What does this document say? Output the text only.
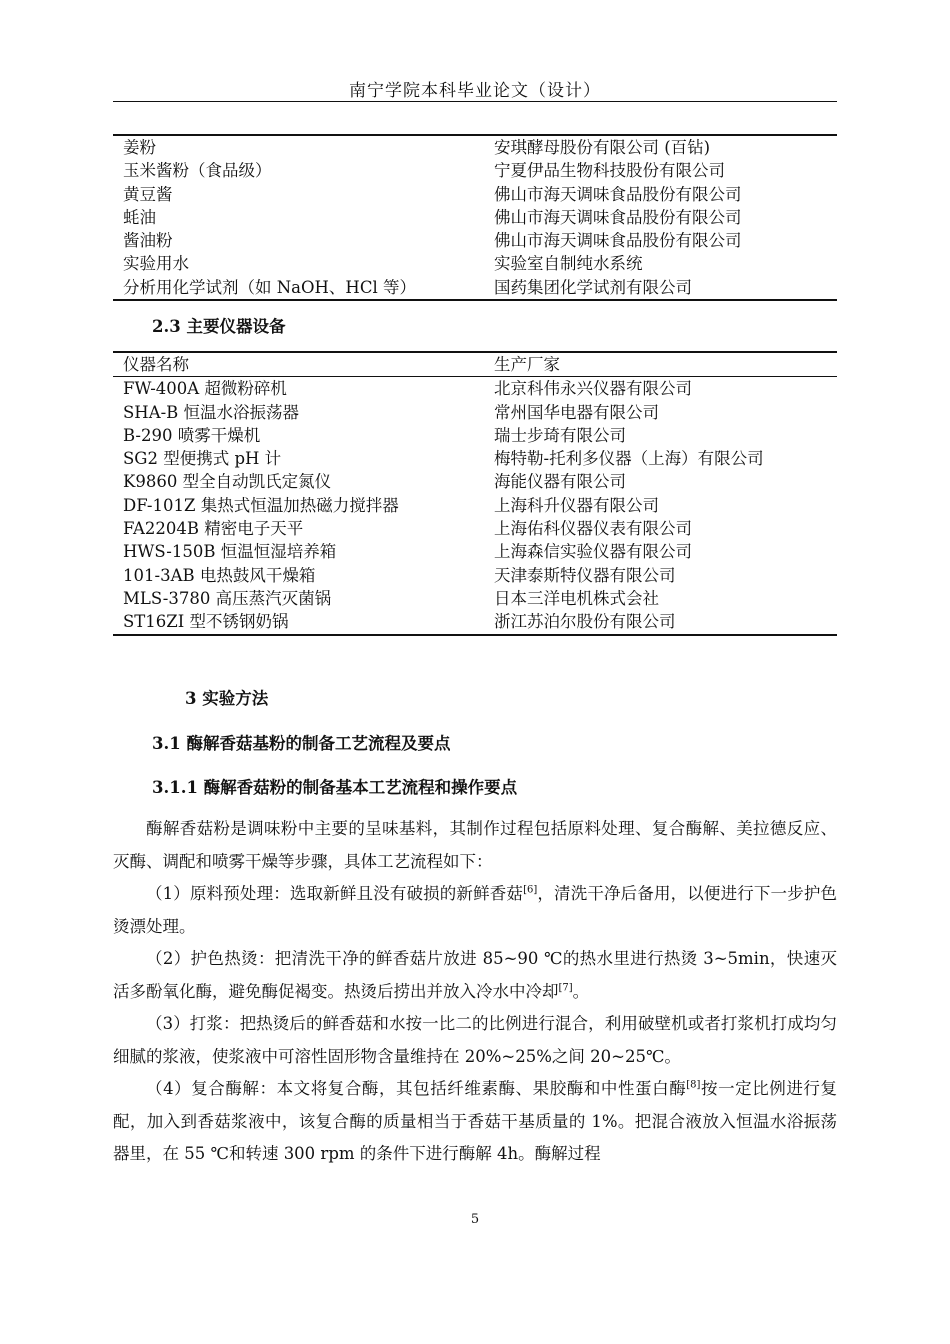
南宁学院本科毕业论文（设计）
姜粉	安琪酵母股份有限公司 (百钻)
玉米酱粉（食品级）	宁夏伊品生物科技股份有限公司
黄豆酱	佛山市海天调味食品股份有限公司
蚝油	佛山市海天调味食品股份有限公司
酱油粉	佛山市海天调味食品股份有限公司
实验用水	实验室自制纯水系统
分析用化学试剂（如 NaOH、HCl 等）	国药集团化学试剂有限公司
2.3 主要仪器设备
仪器名称	生产厂家
FW-400A 超微粉碎机	北京科伟永兴仪器有限公司
SHA-B 恒温水浴振荡器	常州国华电器有限公司
B-290 喷雾干燥机	瑞士步琦有限公司
SG2 型便携式 pH 计	梅特勒-托利多仪器（上海）有限公司
K9860 型全自动凯氏定氮仪	海能仪器有限公司
DF-101Z 集热式恒温加热磁力搅拌器	上海科升仪器有限公司
FA2204B 精密电子天平	上海佑科仪器仪表有限公司
HWS-150B 恒温恒湿培养箱	上海森信实验仪器有限公司
101-3AB 电热鼓风干燥箱	天津泰斯特仪器有限公司
MLS-3780 高压蒸汽灭菌锅	日本三洋电机株式会社
ST16ZI 型不锈钢奶锅	浙江苏泊尔股份有限公司
3 实验方法
3.1 酶解香菇基粉的制备工艺流程及要点
3.1.1 酶解香菇粉的制备基本工艺流程和操作要点

酶解香菇粉是调味粉中主要的呈味基料，其制作过程包括原料处理、复合酶解、美拉德反应、灭酶、调配和喷雾干燥等步骤，具体工艺流程如下：

（1）原料预处理：选取新鲜且没有破损的新鲜香菇[6]，清洗干净后备用，以便进行下一步护色烫漂处理。

（2）护色热烫：把清洗干净的鲜香菇片放进 85~90 ℃的热水里进行热烫 3~5min，快速灭活多酚氧化酶，避免酶促褐变。热烫后捞出并放入冷水中冷却[7]。

（3）打浆：把热烫后的鲜香菇和水按一比二的比例进行混合，利用破壁机或者打浆机打成均匀细腻的浆液，使浆液中可溶性固形物含量维持在 20%~25%之间 20~25℃。

（4）复合酶解：本文将复合酶，其包括纤维素酶、果胶酶和中性蛋白酶[8]按一定比例进行复配，加入到香菇浆液中，该复合酶的质量相当于香菇干基质量的 1%。把混合液放入恒温水浴振荡器里，在 55 ℃和转速 300 rpm 的条件下进行酶解 4h。酶解过程

5
